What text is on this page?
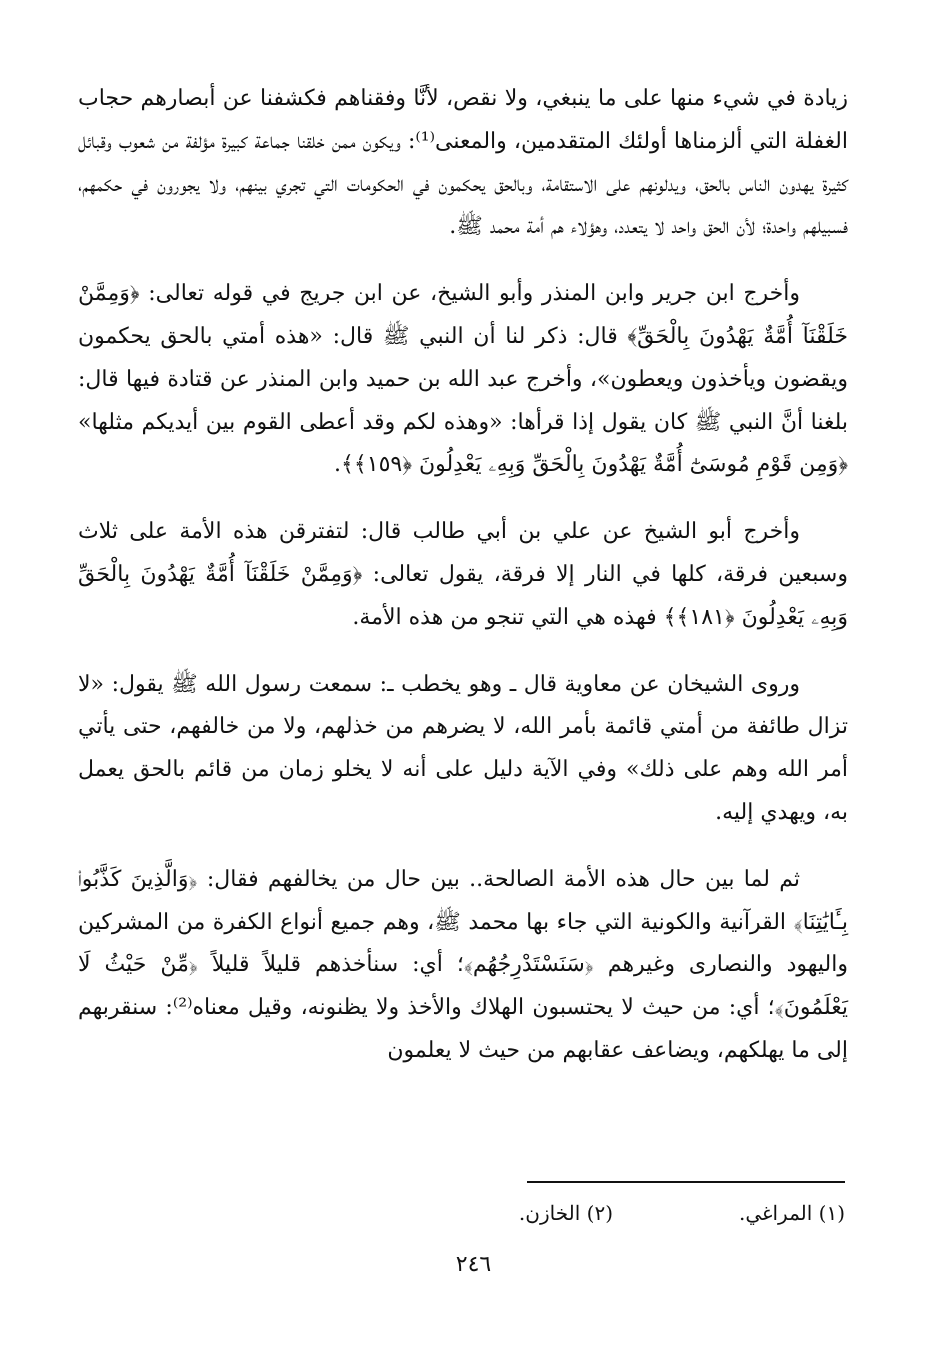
زيادة في شيء منها على ما ينبغي، ولا نقص، لأنَّا وفقناهم فكشفنا عن أبصارهم حجاب الغفلة التي ألزمناها أولئك المتقدمين، والمعنى⁽¹⁾: ويكون ممن خلقنا جماعة كبيرة مؤلفة من شعوب وقبائل كثيرة يهدون الناس بالحق، ويدلونهم على الاستقامة، وبالحق يحكمون في الحكومات التي تجري بينهم، ولا يجورون في حكمهم، فسبيلهم واحدة؛ لأن الحق واحد لا يتعدد، وهؤلاء هم أمة محمد ﷺ.

وأخرج ابن جرير وابن المنذر وأبو الشيخ، عن ابن جريج في قوله تعالى: ﴿وَمِمَّنْ خَلَقْنَآ أُمَّةٌ يَهْدُونَ بِالْحَقِّ﴾ قال: ذكر لنا أن النبي ﷺ قال: «هذه أمتي بالحق يحكمون ويقضون ويأخذون ويعطون»، وأخرج عبد الله بن حميد وابن المنذر عن قتادة فيها قال: بلغنا أنَّ النبي ﷺ كان يقول إذا قرأها: «وهذه لكم وقد أعطى القوم بين أيديكم مثلها» ﴿وَمِن قَوْمِ مُوسَىٰٓ أُمَّةٌ يَهْدُونَ بِالْحَقِّ وَبِهِۦ يَعْدِلُونَ ﴿١٥٩﴾﴾.

وأخرج أبو الشيخ عن علي بن أبي طالب قال: لتفترقن هذه الأمة على ثلاث وسبعين فرقة، كلها في النار إلا فرقة، يقول تعالى: ﴿وَمِمَّنْ خَلَقْنَآ أُمَّةٌ يَهْدُونَ بِالْحَقِّ وَبِهِۦ يَعْدِلُونَ ﴿١٨١﴾﴾ فهذه هي التي تنجو من هذه الأمة.

وروى الشيخان عن معاوية قال ـ وهو يخطب ـ: سمعت رسول الله ﷺ يقول: «لا تزال طائفة من أمتي قائمة بأمر الله، لا يضرهم من خذلهم، ولا من خالفهم، حتى يأتي أمر الله وهم على ذلك» وفي الآية دليل على أنه لا يخلو زمان من قائم بالحق يعمل به، ويهدي إليه.

ثم لما بين حال هذه الأمة الصالحة.. بين حال من يخالفهم فقال: ﴿وَالَّذِينَ كَذَّبُوا۟ بِـَٔايَٰتِنَا﴾ القرآنية والكونية التي جاء بها محمد ﷺ، وهم جميع أنواع الكفرة من المشركين واليهود والنصارى وغيرهم ﴿سَنَسْتَدْرِجُهُم﴾؛ أي: سنأخذهم قليلاً قليلاً ﴿مِّنْ حَيْثُ لَا يَعْلَمُونَ﴾؛ أي: من حيث لا يحتسبون الهلاك والأخذ ولا يظنونه، وقيل معناه⁽²⁾: سنقربهم إلى ما يهلكهم، ويضاعف عقابهم من حيث لا يعلمون

(١) المراغي.
(٢) الخازن.
٢٤٦
